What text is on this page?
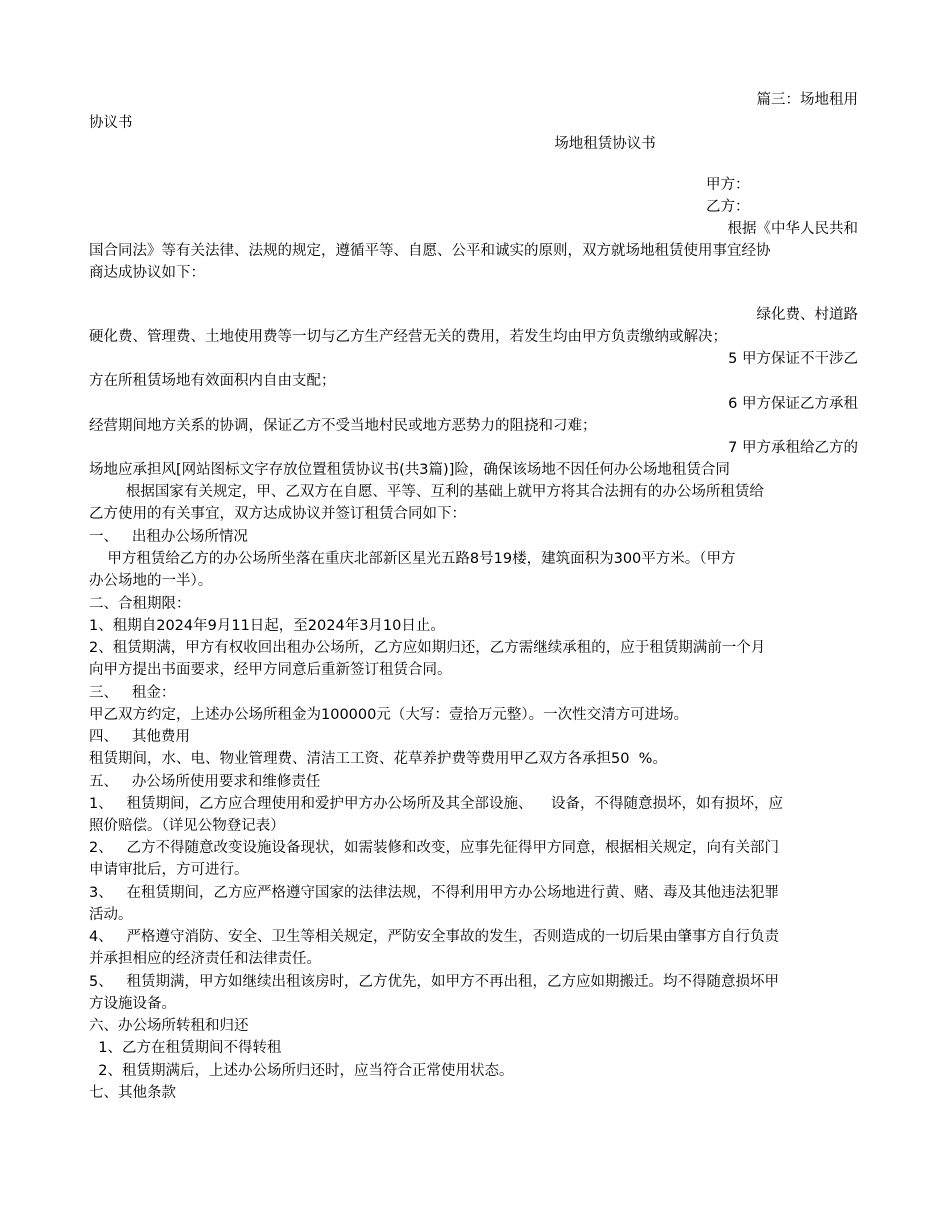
篇三：场地租用
协议书
场地租赁协议书
甲方：
乙方：
根据《中华人民共和
国合同法》等有关法律、法规的规定，遵循平等、自愿、公平和诚实的原则，双方就场地租赁使用事宜经协
商达成协议如下：
绿化费、村道路
硬化费、管理费、土地使用费等一切与乙方生产经营无关的费用，若发生均由甲方负责缴纳或解决；
5 甲方保证不干涉乙
方在所租赁场地有效面积内自由支配；
6 甲方保证乙方承租
经营期间地方关系的协调，保证乙方不受当地村民或地方恶势力的阻挠和刁难；
7 甲方承租给乙方的
场地应承担风[网站图标文字存放位置租赁协议书(共3篇)]险，确保该场地不因任何办公场地租赁合同
根据国家有关规定，甲、乙双方在自愿、平等、互利的基础上就甲方将其合法拥有的办公场所租赁给
乙方使用的有关事宜，双方达成协议并签订租赁合同如下：
一、   出租办公场所情况
甲方租赁给乙方的办公场所坐落在重庆北部新区星光五路8号19楼，建筑面积为300平方米。（甲方
办公场地的一半）。
二、合租期限：
1、租期自2024年9月11日起，至2024年3月10日止。
2、租赁期满，甲方有权收回出租办公场所，乙方应如期归还，乙方需继续承租的，应于租赁期满前一个月
向甲方提出书面要求，经甲方同意后重新签订租赁合同。
三、   租金：
甲乙双方约定，上述办公场所租金为100000元（大写：壹拾万元整）。一次性交清方可进场。
四、   其他费用
租赁期间，水、电、物业管理费、清洁工工资、花草养护费等费用甲乙双方各承担50  %。
五、   办公场所使用要求和维修责任
1、   租赁期间，乙方应合理使用和爱护甲方办公场所及其全部设施、    设备，不得随意损坏，如有损坏，应
照价赔偿。（详见公物登记表）
2、   乙方不得随意改变设施设备现状，如需装修和改变，应事先征得甲方同意，根据相关规定，向有关部门
申请审批后，方可进行。
3、   在租赁期间，乙方应严格遵守国家的法律法规，不得利用甲方办公场地进行黄、赌、毒及其他违法犯罪
活动。
4、   严格遵守消防、安全、卫生等相关规定，严防安全事故的发生，否则造成的一切后果由肇事方自行负责
并承担相应的经济责任和法律责任。
5、   租赁期满，甲方如继续出租该房时，乙方优先，如甲方不再出租，乙方应如期搬迁。均不得随意损坏甲
方设施设备。
六、办公场所转租和归还
1、乙方在租赁期间不得转租
2、租赁期满后，上述办公场所归还时，应当符合正常使用状态。
七、其他条款
